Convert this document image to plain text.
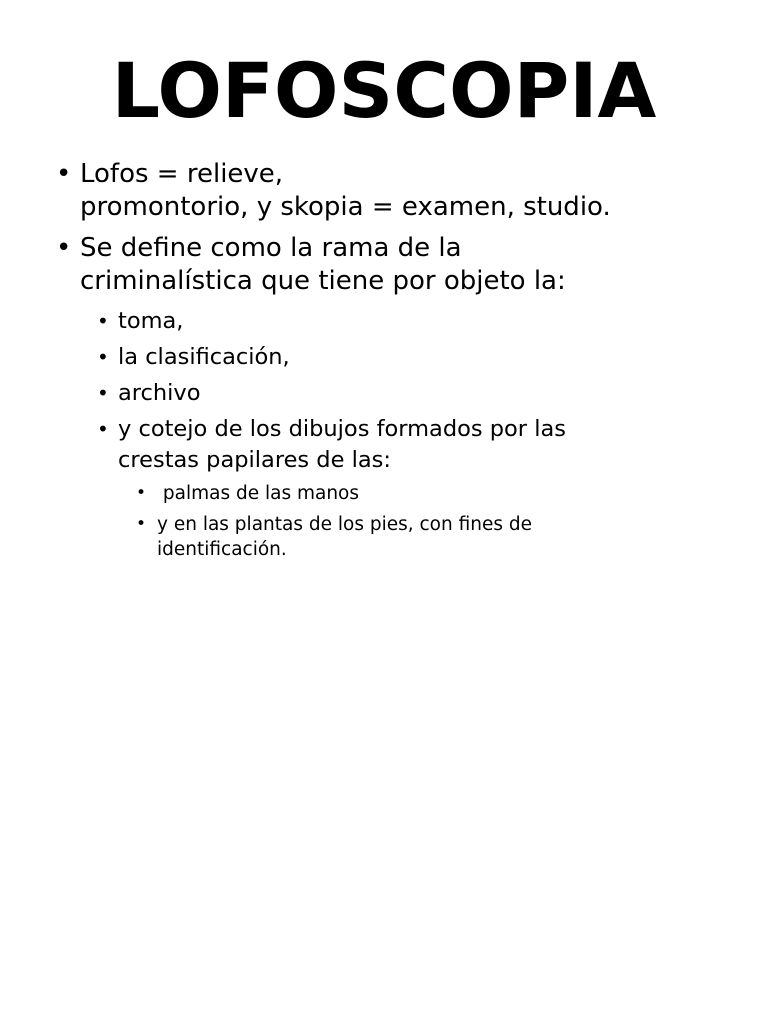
LOFOSCOPIA
• Lofos = relieve,
promontorio, y skopia = examen, studio.
• Se define como la rama de la
criminalística que tiene por objeto la:
• toma,
• la clasificación,
• archivo
• y cotejo de los dibujos formados por las
crestas papilares de las:
• palmas de las manos
• y en las plantas de los pies, con fines de
identificación.
